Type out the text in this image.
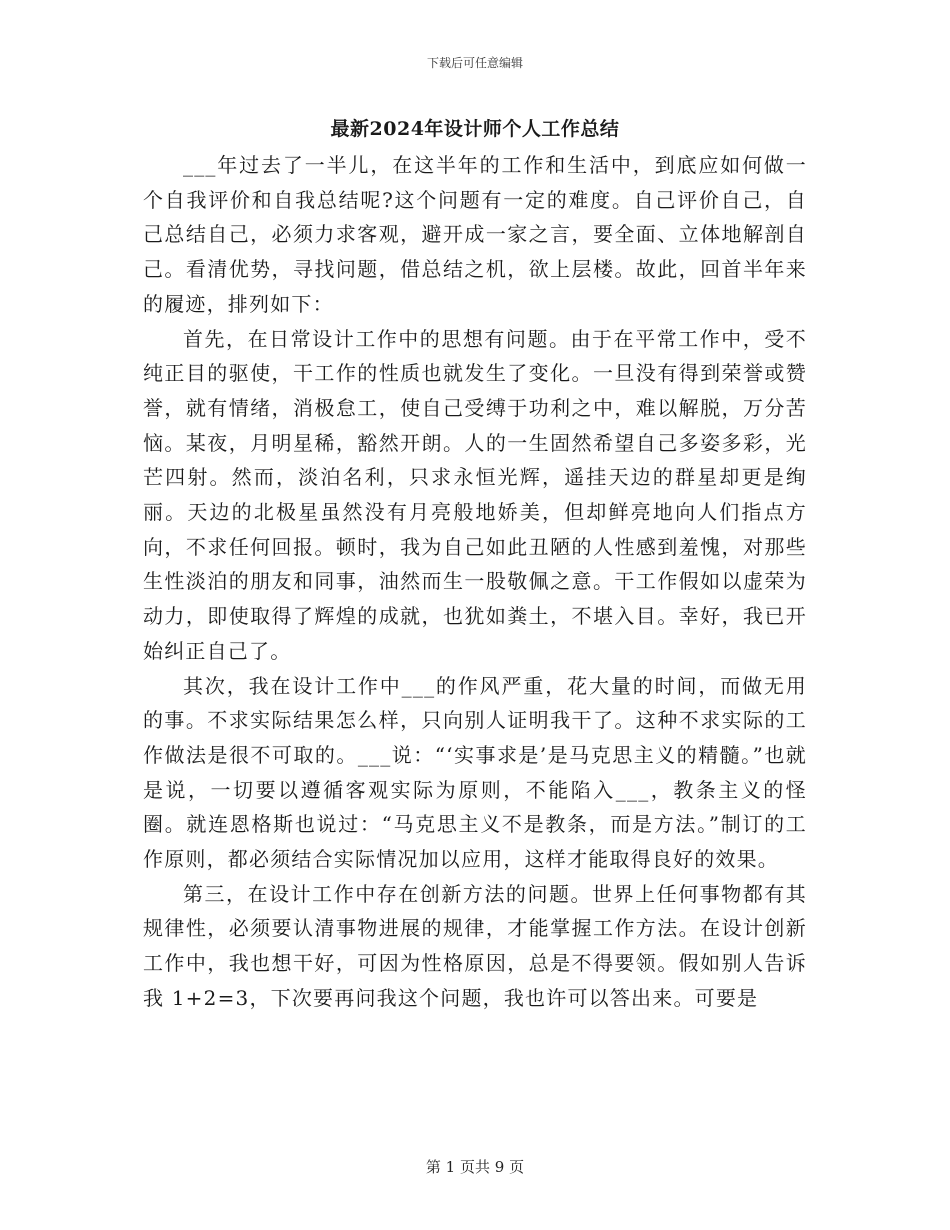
下载后可任意编辑
最新2024年设计师个人工作总结

___年过去了一半儿，在这半年的工作和生活中，到底应如何做一个自我评价和自我总结呢?这个问题有一定的难度。自己评价自己，自己总结自己，必须力求客观，避开成一家之言，要全面、立体地解剖自己。看清优势，寻找问题，借总结之机，欲上层楼。故此，回首半年来的履迹，排列如下：

首先，在日常设计工作中的思想有问题。由于在平常工作中，受不纯正目的驱使，干工作的性质也就发生了变化。一旦没有得到荣誉或赞誉，就有情绪，消极怠工，使自己受缚于功利之中，难以解脱，万分苦恼。某夜，月明星稀，豁然开朗。人的一生固然希望自己多姿多彩，光芒四射。然而，淡泊名利，只求永恒光辉，遥挂天边的群星却更是绚丽。天边的北极星虽然没有月亮般地娇美，但却鲜亮地向人们指点方向，不求任何回报。顿时，我为自己如此丑陋的人性感到羞愧，对那些生性淡泊的朋友和同事，油然而生一股敬佩之意。干工作假如以虚荣为动力，即使取得了辉煌的成就，也犹如粪土，不堪入目。幸好，我已开始纠正自己了。

其次，我在设计工作中___的作风严重，花大量的时间，而做无用的事。不求实际结果怎么样，只向别人证明我干了。这种不求实际的工作做法是很不可取的。___说：“‘实事求是’是马克思主义的精髓。”也就是说，一切要以遵循客观实际为原则，不能陷入___，教条主义的怪圈。就连恩格斯也说过：“马克思主义不是教条，而是方法。”制订的工作原则，都必须结合实际情况加以应用，这样才能取得良好的效果。

第三，在设计工作中存在创新方法的问题。世界上任何事物都有其规律性，必须要认清事物进展的规律，才能掌握工作方法。在设计创新工作中，我也想干好，可因为性格原因，总是不得要领。假如别人告诉我 1+2=3，下次要再问我这个问题，我也许可以答出来。可要是

第 1 页共 9 页
